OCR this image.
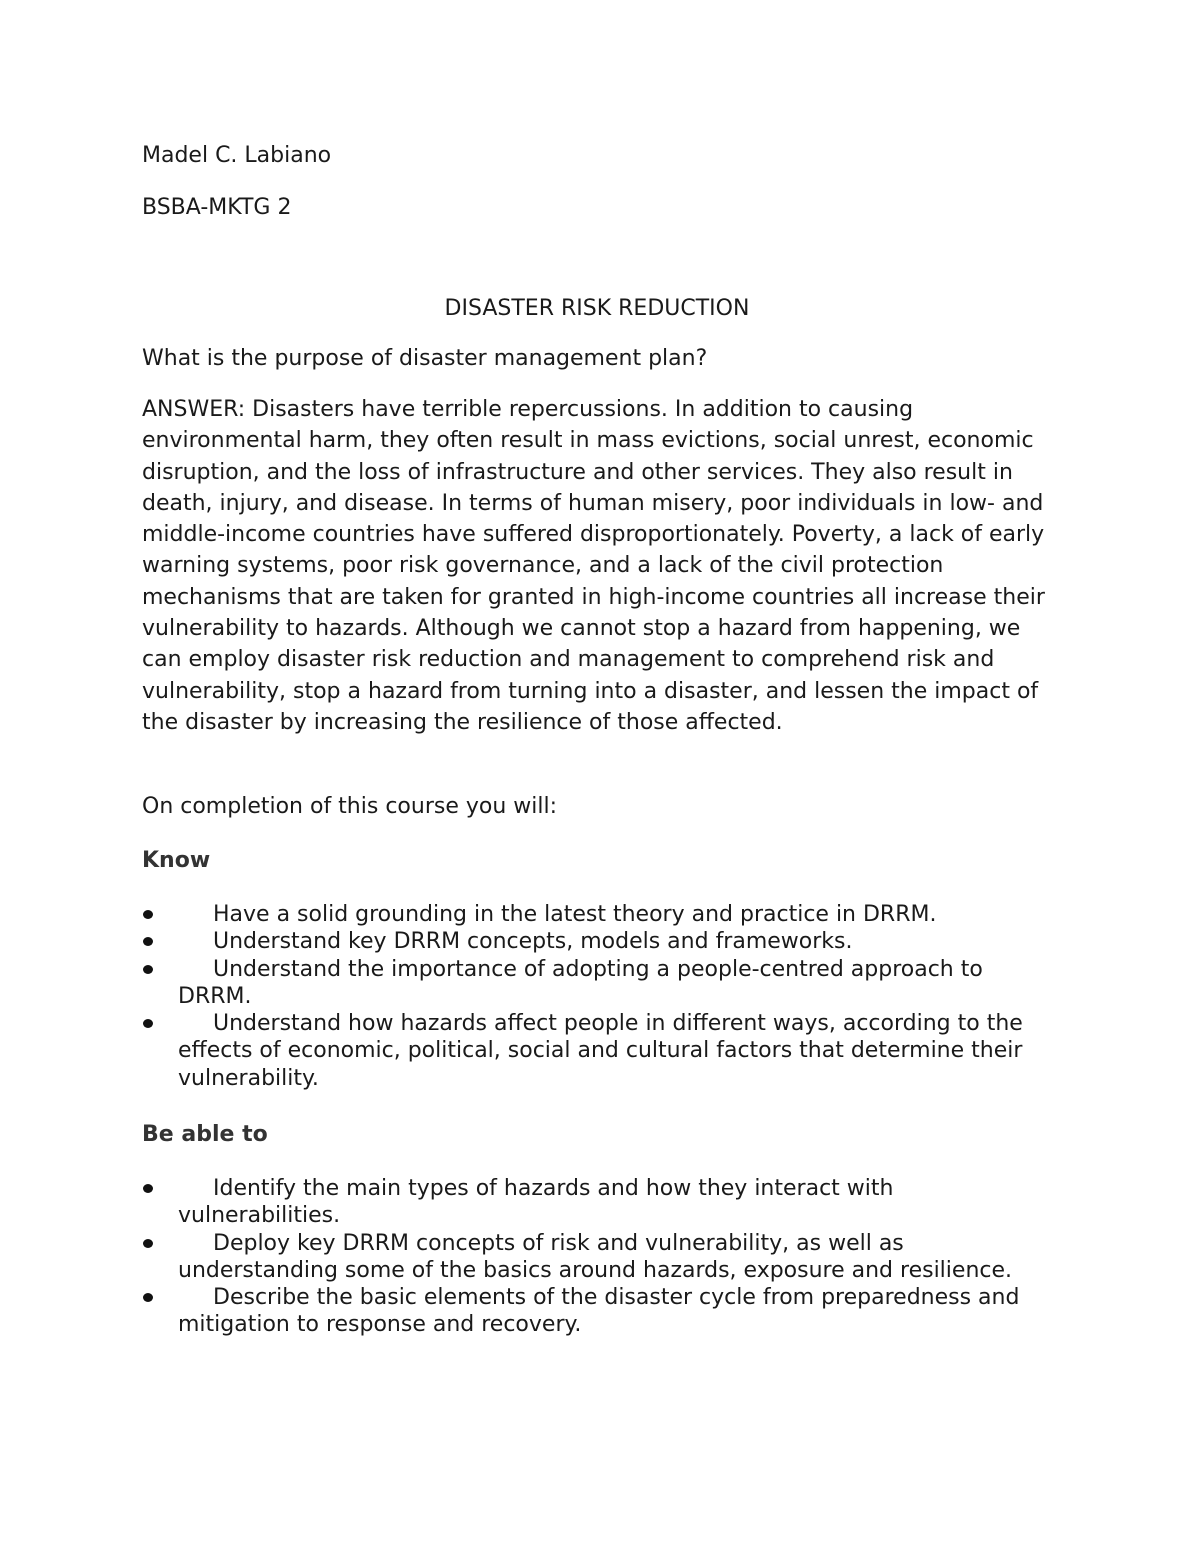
Madel C. Labiano
BSBA-MKTG 2
DISASTER RISK REDUCTION
What is the purpose of disaster management plan?
ANSWER: Disasters have terrible repercussions. In addition to causing environmental harm, they often result in mass evictions, social unrest, economic disruption, and the loss of infrastructure and other services. They also result in death, injury, and disease. In terms of human misery, poor individuals in low- and middle-income countries have suffered disproportionately. Poverty, a lack of early warning systems, poor risk governance, and a lack of the civil protection mechanisms that are taken for granted in high-income countries all increase their vulnerability to hazards. Although we cannot stop a hazard from happening, we can employ disaster risk reduction and management to comprehend risk and vulnerability, stop a hazard from turning into a disaster, and lessen the impact of the disaster by increasing the resilience of those affected.
On completion of this course you will:
Know
Have a solid grounding in the latest theory and practice in DRRM.
Understand key DRRM concepts, models and frameworks.
Understand the importance of adopting a people-centred approach to DRRM.
Understand how hazards affect people in different ways, according to the effects of economic, political, social and cultural factors that determine their vulnerability.
Be able to
Identify the main types of hazards and how they interact with vulnerabilities.
Deploy key DRRM concepts of risk and vulnerability, as well as understanding some of the basics around hazards, exposure and resilience.
Describe the basic elements of the disaster cycle from preparedness and mitigation to response and recovery.
